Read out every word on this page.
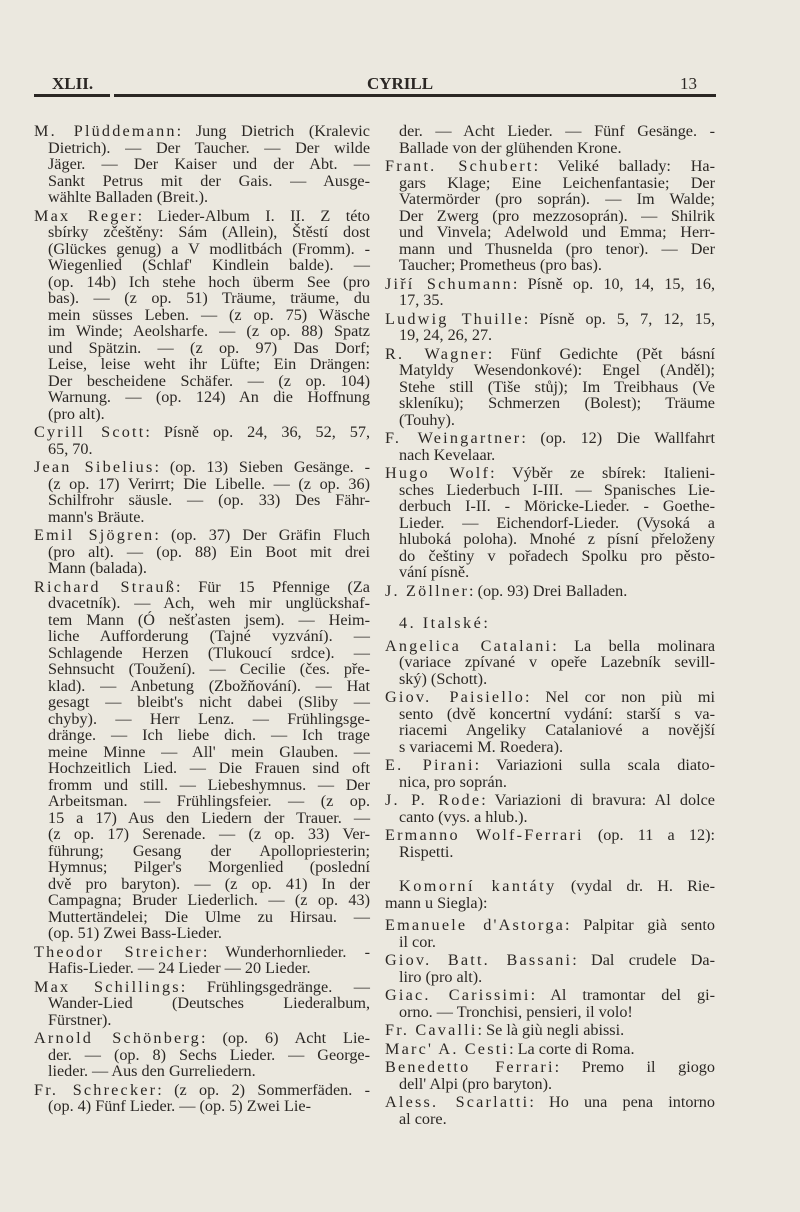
XLII.	CYRILL	13
M. Plüddemann: Jung Dietrich (Kralevic
Dietrich). — Der Taucher. — Der wilde
Jäger. — Der Kaiser und der Abt. —
Sankt Petrus mit der Gais. — Ausge-
wählte Balladen (Breit.).
Max Reger: Lieder-Album I. II. Z této
sbírky zčeštěny: Sám (Allein), Štěstí dost
(Glückes genug) a V modlitbách (Fromm). -
Wiegenlied (Schlaf' Kindlein balde). —
(op. 14b) Ich stehe hoch überm See (pro
bas). — (z op. 51) Träume, träume, du
mein süsses Leben. — (z op. 75) Wäsche
im Winde; Aeolsharfe. — (z op. 88) Spatz
und Spätzin. — (z op. 97) Das Dorf;
Leise, leise weht ihr Lüfte; Ein Drängen:
Der bescheidene Schäfer. — (z op. 104)
Warnung. — (op. 124) An die Hoffnung
(pro alt).
Cyrill Scott: Písně op. 24, 36, 52, 57,
65, 70.
Jean Sibelius: (op. 13) Sieben Gesänge. -
(z op. 17) Verirrt; Die Libelle. — (z op. 36)
Schilfrohr säusle. — (op. 33) Des Fähr-
mann's Bräute.
Emil Sjögren: (op. 37) Der Gräfin Fluch
(pro alt). — (op. 88) Ein Boot mit drei
Mann (balada).
Richard Strauß: Für 15 Pfennige (Za
dvacetník). — Ach, weh mir unglückshaf-
tem Mann (Ó nešťasten jsem). — Heim-
liche Aufforderung (Tajné vyzvání). —
Schlagende Herzen (Tlukoucí srdce). —
Sehnsucht (Toužení). — Cecilie (čes. pře-
klad). — Anbetung (Zbožňování). — Hat
gesagt — bleibt's nicht dabei (Sliby —
chyby). — Herr Lenz. — Frühlingsge-
dränge. — Ich liebe dich. — Ich trage
meine Minne — All' mein Glauben. —
Hochzeitlich Lied. — Die Frauen sind oft
fromm und still. — Liebeshymnus. — Der
Arbeitsman. — Frühlingsfeier. — (z op.
15 a 17) Aus den Liedern der Trauer. —
(z op. 17) Serenade. — (z op. 33) Ver-
führung; Gesang der Apollopriesterin;
Hymnus; Pilger's Morgenlied (poslední
dvě pro baryton). — (z op. 41) In der
Campagna; Bruder Liederlich. — (z op. 43)
Muttertändelei; Die Ulme zu Hirsau. —
(op. 51) Zwei Bass-Lieder.
Theodor Streicher: Wunderhornlieder. -
Hafis-Lieder. — 24 Lieder — 20 Lieder.
Max Schillings: Frühlingsgedränge. —
Wander-Lied (Deutsches Liederalbum,
Fürstner).
Arnold Schönberg: (op. 6) Acht Lie-
der. — (op. 8) Sechs Lieder. — George-
lieder. — Aus den Gurreliedern.
Fr. Schrecker: (z op. 2) Sommerfäden. -
(op. 4) Fünf Lieder. — (op. 5) Zwei Lie-
der. — Acht Lieder. — Fünf Gesänge. -
Ballade von der glühenden Krone.
Frant. Schubert: Veliké ballady: Ha-
gars Klage; Eine Leichenfantasie; Der
Vatermörder (pro soprán). — Im Walde;
Der Zwerg (pro mezzosoprán). — Shilrik
und Vinvela; Adelwold und Emma; Herr-
mann und Thusnelda (pro tenor). — Der
Taucher; Prometheus (pro bas).
Jiří Schumann: Písně op. 10, 14, 15, 16,
17, 35.
Ludwig Thuille: Písně op. 5, 7, 12, 15,
19, 24, 26, 27.
R. Wagner: Fünf Gedichte (Pět básní
Matyldy Wesendonkové): Engel (Anděl);
Stehe still (Tiše stůj); Im Treibhaus (Ve
skleníku); Schmerzen (Bolest); Träume
(Touhy).
F. Weingartner: (op. 12) Die Wallfahrt
nach Kevelaar.
Hugo Wolf: Výběr ze sbírek: Italieni-
sches Liederbuch I-III. — Spanisches Lie-
derbuch I-II. - Möricke-Lieder. - Goethe-
Lieder. — Eichendorf-Lieder. (Vysoká a
hluboká poloha). Mnohé z písní přeloženy
do češtiny v pořadech Spolku pro pěsto-
vání písně.
J. Zöllner: (op. 93) Drei Balladen.
4. Italské:
Angelica Catalani: La bella molinara
(variace zpívané v opeře Lazebník sevill-
ský) (Schott).
Giov. Paisiello: Nel cor non più mi
sento (dvě koncertní vydání: starší s va-
riacemi Angeliky Catalaniové a novější
s variacemi M. Roedera).
E. Pirani: Variazioni sulla scala diato-
nica, pro soprán.
J. P. Rode: Variazioni di bravura: Al dolce
canto (vys. a hlub.).
Ermanno Wolf-Ferrari (op. 11 a 12):
Rispetti.
Komorní kantáty (vydal dr. H. Rie-
mann u Siegla):
Emanuele d'Astorga: Palpitar già sento
il cor.
Giov. Batt. Bassani: Dal crudele Da-
liro (pro alt).
Giac. Carissimi: Al tramontar del gi-
orno. — Tronchisi, pensieri, il volo!
Fr. Cavalli: Se là giù negli abissi.
Marc' A. Cesti: La corte di Roma.
Benedetto Ferrari: Premo il giogo
dell' Alpi (pro baryton).
Aless. Scarlatti: Ho una pena intorno
al core.
